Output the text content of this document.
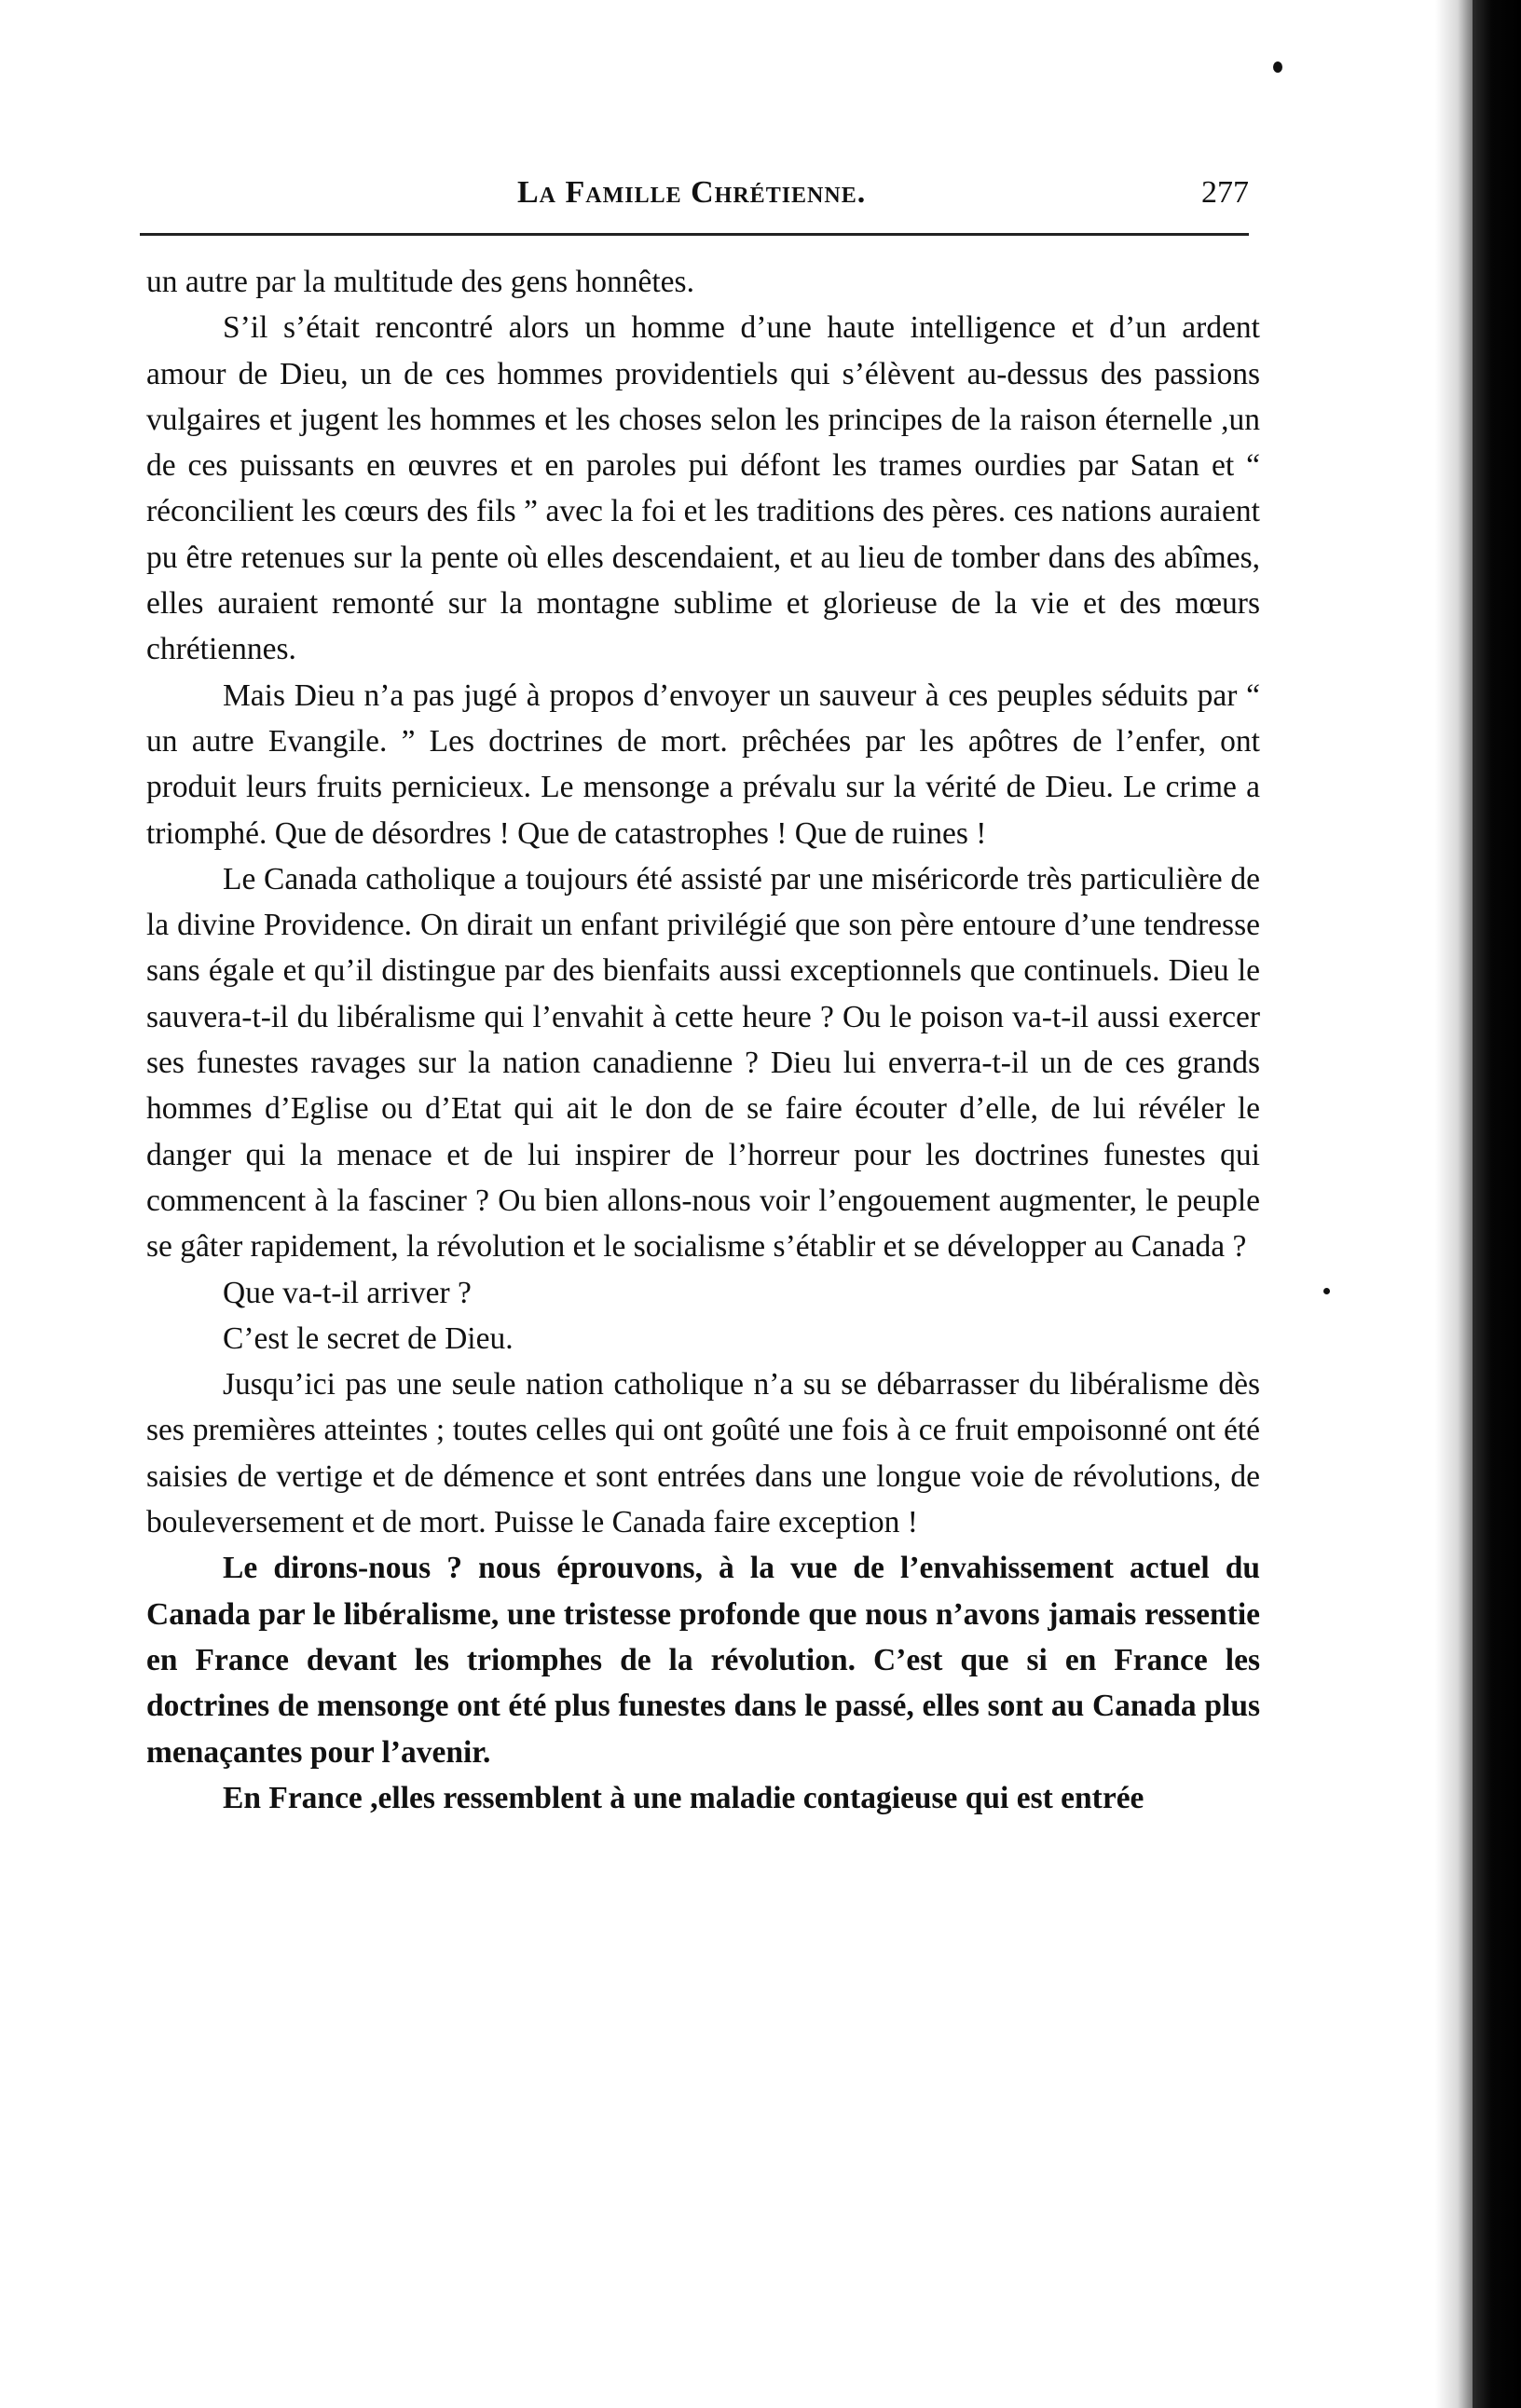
La Famille Chrétienne.	277

un autre par la multitude des gens honnêtes.

S’il s’était rencontré alors un homme d’une haute intelligence et d’un ardent amour de Dieu, un de ces hommes providentiels qui s’élèvent au-dessus des passions vulgaires et jugent les hommes et les choses selon les principes de la raison éternelle ,un de ces puissants en œuvres et en paroles pui défont les trames ourdies par Satan et “ réconcilient les cœurs des fils ” avec la foi et les traditions des pères. ces nations auraient pu être retenues sur la pente où elles descendaient, et au lieu de tomber dans des abîmes, elles auraient remonté sur la montagne sublime et glorieuse de la vie et des mœurs chrétiennes.

Mais Dieu n’a pas jugé à propos d’envoyer un sauveur à ces peuples séduits par “ un autre Evangile. ” Les doctrines de mort. prêchées par les apôtres de l’enfer, ont produit leurs fruits pernicieux. Le mensonge a prévalu sur la vérité de Dieu. Le crime a triomphé. Que de désordres ! Que de catastrophes ! Que de ruines !

Le Canada catholique a toujours été assisté par une miséricorde très particulière de la divine Providence. On dirait un enfant privilégié que son père entoure d’une tendresse sans égale et qu’il distingue par des bienfaits aussi exceptionnels que continuels. Dieu le sauvera-t-il du libéralisme qui l’envahit à cette heure ? Ou le poison va-t-il aussi exercer ses funestes ravages sur la nation canadienne ? Dieu lui enverra-t-il un de ces grands hommes d’Eglise ou d’Etat qui ait le don de se faire écouter d’elle, de lui révéler le danger qui la menace et de lui inspirer de l’horreur pour les doctrines funestes qui commencent à la fasciner ? Ou bien allons-nous voir l’engouement augmenter, le peuple se gâter rapidement, la révolution et le socialisme s’établir et se développer au Canada ?

Que va-t-il arriver ?

C’est le secret de Dieu.

Jusqu’ici pas une seule nation catholique n’a su se débarrasser du libéralisme dès ses premières atteintes ; toutes celles qui ont goûté une fois à ce fruit empoisonné ont été saisies de vertige et de démence et sont entrées dans une longue voie de révolutions, de bouleversement et de mort. Puisse le Canada faire exception !

Le dirons-nous ? nous éprouvons, à la vue de l’envahissement actuel du Canada par le libéralisme, une tristesse profonde que nous n’avons jamais ressentie en France devant les triomphes de la révolution. C’est que si en France les doctrines de mensonge ont été plus funestes dans le passé, elles sont au Canada plus menaçantes pour l’avenir.

En France ,elles ressemblent à une maladie contagieuse qui est entrée
